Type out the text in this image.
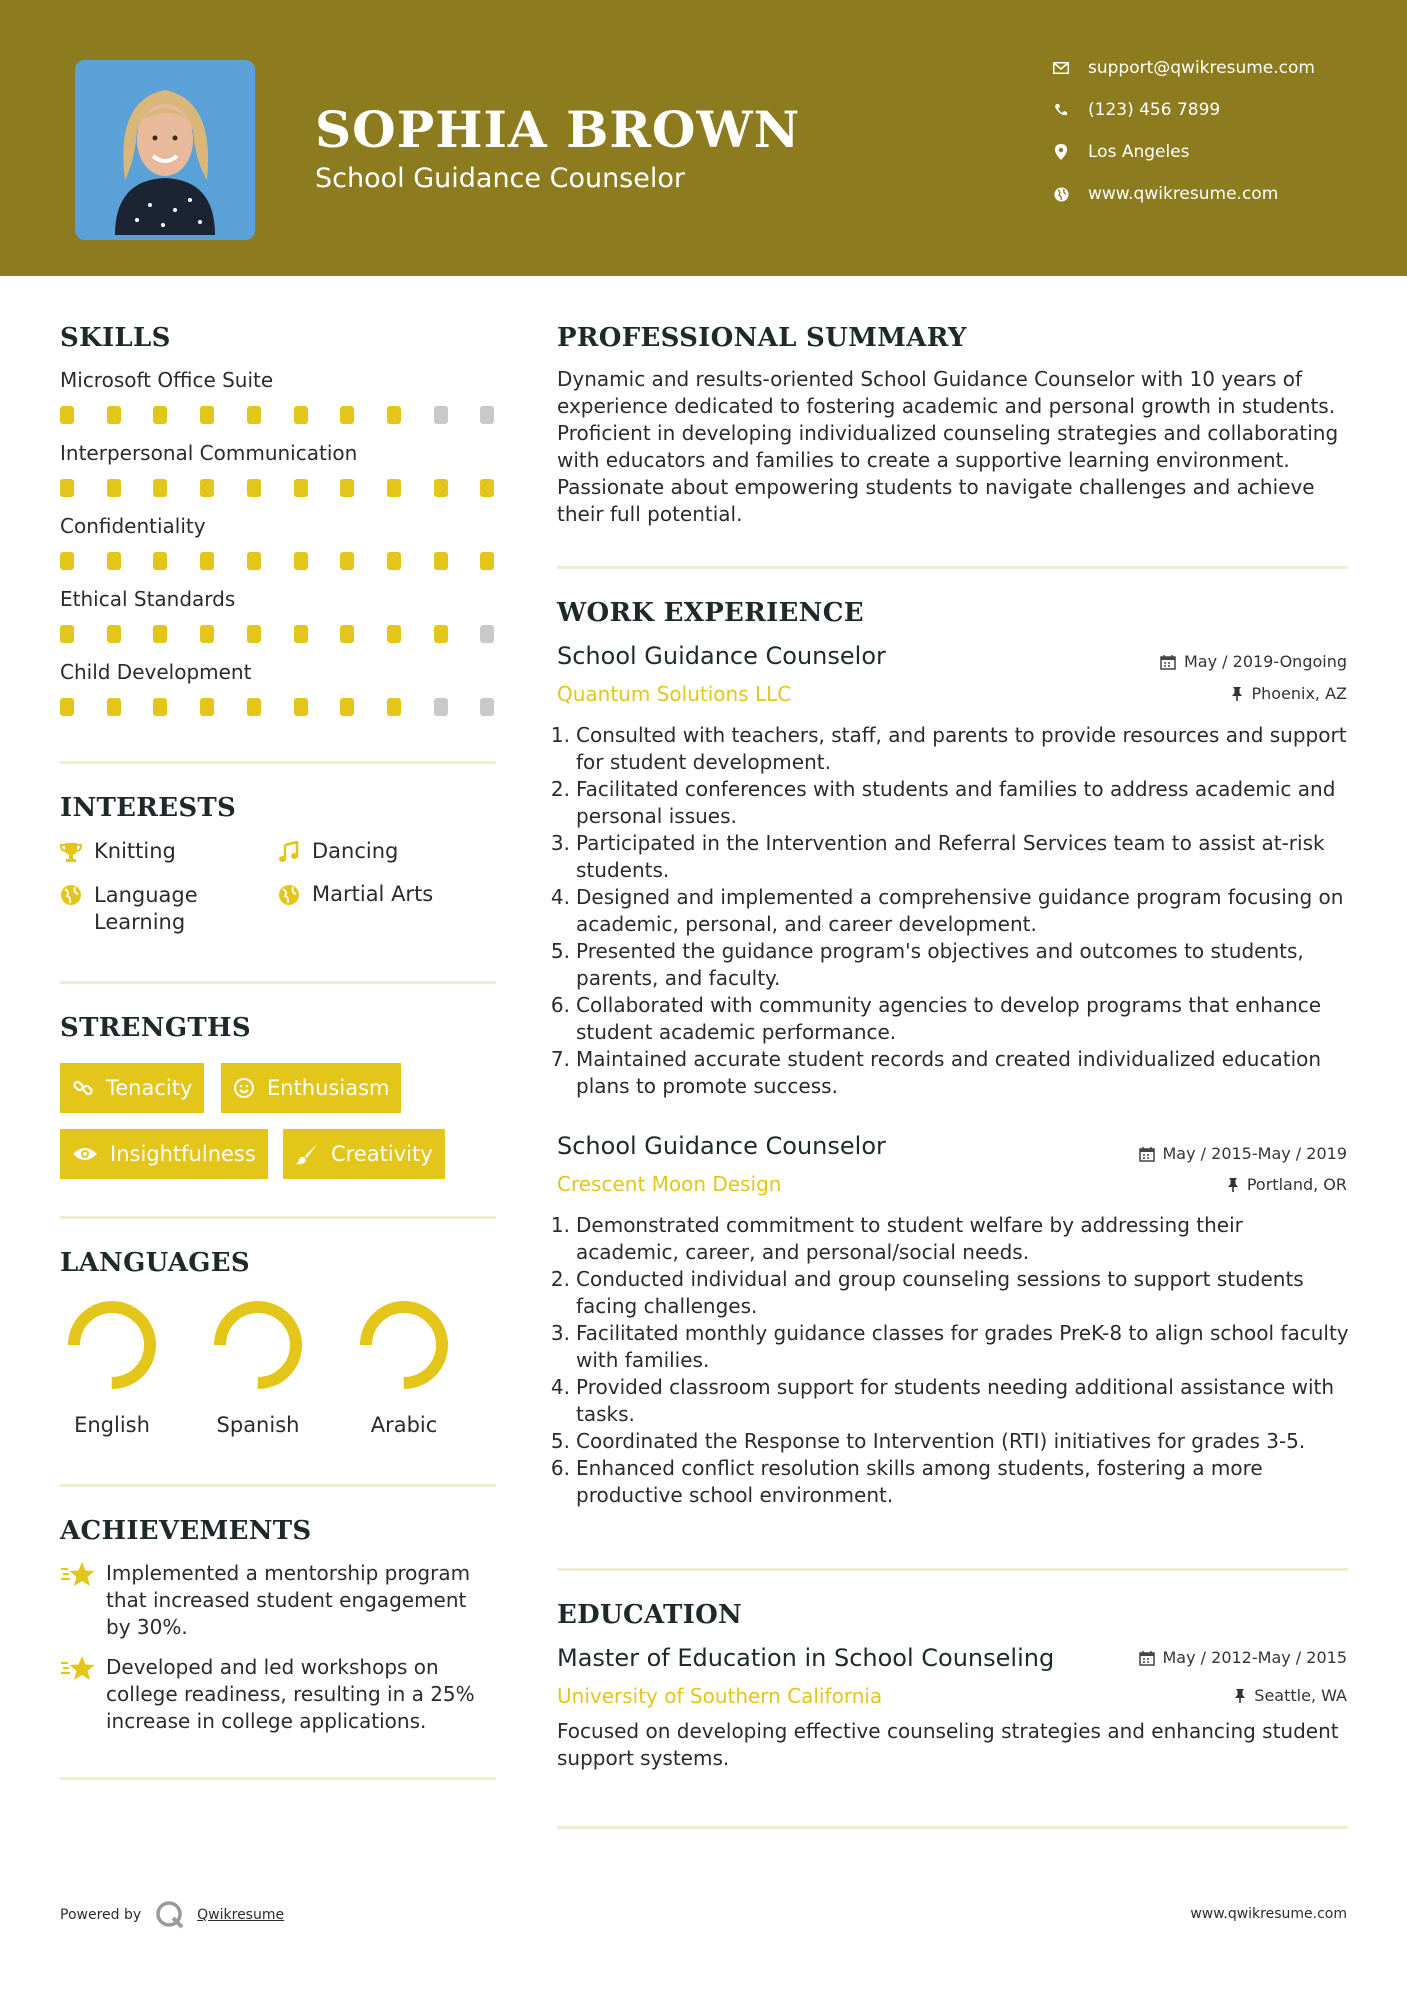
SOPHIA BROWN
School Guidance Counselor
support@qwikresume.com
(123) 456 7899
Los Angeles
www.qwikresume.com
SKILLS
Microsoft Office Suite
Interpersonal Communication
Confidentiality
Ethical Standards
Child Development
INTERESTS
Knitting	Dancing
Language Learning
Martial Arts
STRENGTHS
Tenacity	Enthusiasm
Insightfulness	Creativity
LANGUAGES
English	Spanish	Arabic
ACHIEVEMENTS
Implemented a mentorship program that increased student engagement by 30%.
Developed and led workshops on college readiness, resulting in a 25% increase in college applications.
PROFESSIONAL SUMMARY
Dynamic and results-oriented School Guidance Counselor with 10 years of experience dedicated to fostering academic and personal growth in students. Proficient in developing individualized counseling strategies and collaborating with educators and families to create a supportive learning environment. Passionate about empowering students to navigate challenges and achieve their full potential.
WORK EXPERIENCE
School Guidance Counselor	May / 2019-Ongoing
Quantum Solutions LLC	Phoenix, AZ
1. Consulted with teachers, staff, and parents to provide resources and support for student development.
2. Facilitated conferences with students and families to address academic and personal issues.
3. Participated in the Intervention and Referral Services team to assist at-risk students.
4. Designed and implemented a comprehensive guidance program focusing on academic, personal, and career development.
5. Presented the guidance program's objectives and outcomes to students, parents, and faculty.
6. Collaborated with community agencies to develop programs that enhance student academic performance.
7. Maintained accurate student records and created individualized education plans to promote success.
School Guidance Counselor	May / 2015-May / 2019
Crescent Moon Design	Portland, OR
1. Demonstrated commitment to student welfare by addressing their academic, career, and personal/social needs.
2. Conducted individual and group counseling sessions to support students facing challenges.
3. Facilitated monthly guidance classes for grades PreK-8 to align school faculty with families.
4. Provided classroom support for students needing additional assistance with tasks.
5. Coordinated the Response to Intervention (RTI) initiatives for grades 3-5.
6. Enhanced conflict resolution skills among students, fostering a more productive school environment.
EDUCATION
Master of Education in School Counseling	May / 2012-May / 2015
University of Southern California	Seattle, WA
Focused on developing effective counseling strategies and enhancing student support systems.
Powered by	Qwikresume	www.qwikresume.com
